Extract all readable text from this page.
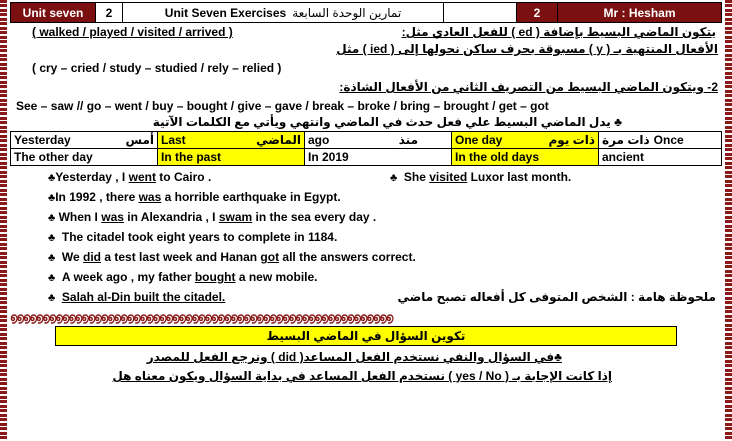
Unit seven	2	Unit Seven Exercises تمارين الوحدة السابعة	2	Mr : Hesham
( walked / played / visited / arrived )	يتكون الماضي البسيط بإضافة ( ed ) للفعل العادي مثل:
الأفعال المنتهية بـ ( y ) مسبوقة بحرف ساكن نحولها إلى ( ied ) مثل
( cry – cried / study – studied / rely – relied )
2- ويتكون الماضي البسيط من التصريف الثاني من الأفعال الشاذة:
See – saw // go – went / buy – bought / give – gave / break – broke / bring – brought / get – got
♣ يدل الماضي البسيط علي فعل حدث في الماضي وانتهي ويأتي مع الكلمات الآتية
Yesterday أمس	Last الماضي	ago منذ	One day ذات يوم	ذات مرة Once

The other day	In the past	In 2019	In the old days	ancient
♣Yesterday , I went to Cairo .	♣ She visited Luxor last month.
♣In 1992 , there was a horrible earthquake in Egypt.
♣ When I was in Alexandria , I swam in the sea every day .
♣ The citadel took eight years to complete in 1184.
♣ We did a test last week and Hanan got all the answers correct.
♣ A week ago , my father bought a new mobile.
♣ Salah al-Din built the citadel.	ملحوظة هامة : الشخص المتوفى كل أفعاله تصبح ماضي
൭൭൭൭൭൭൭൭൭൭൭൭൭൭൭൭൭൭൭൭൭൭൭൭൭൭൭൭൭൭൭൭൭൭൭൭൭൭൭൭൭൭൭൭൭൭൭൭൭൭൭൭൭൭൭൭൭൭൭
تكوين السؤال في الماضي البسيط
♣في السؤال والنفي نستخدم الفعل المساعد( did ) ونرجع الفعل للمصدر
إذا كانت الإجابة بـ ( yes / No ) نستخدم الفعل المساعد في بداية السؤال ويكون معناه هل
